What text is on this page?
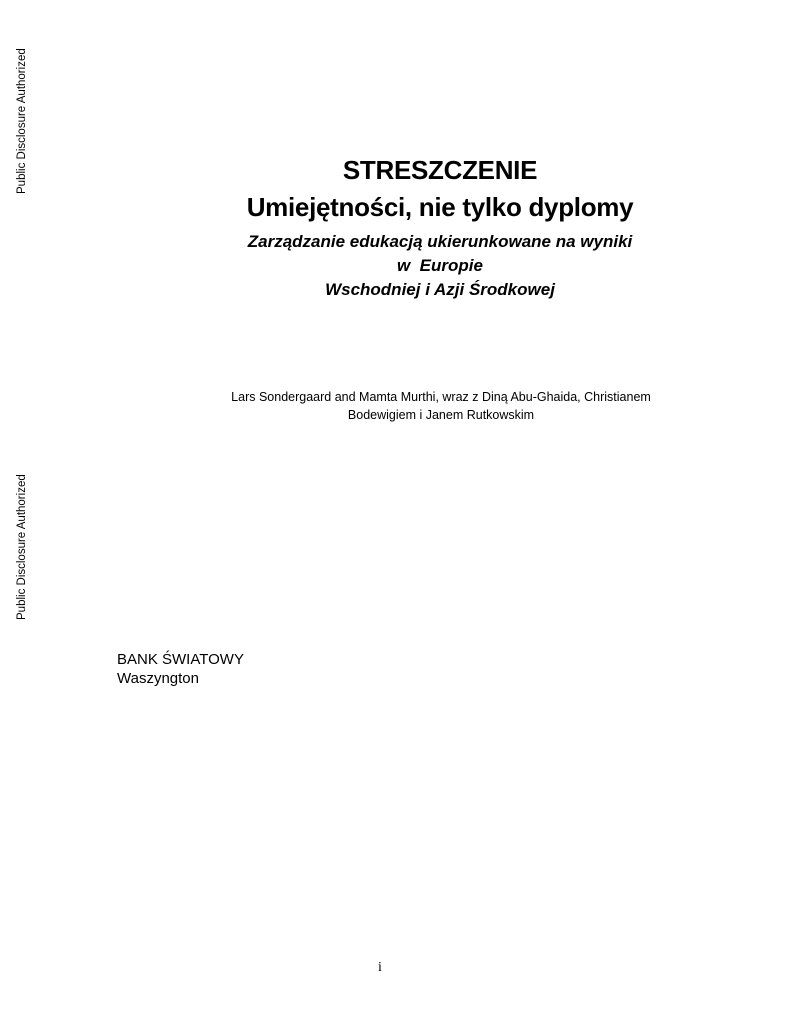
Public Disclosure Authorized
Public Disclosure Authorized
STRESZCZENIE
Umiejętności, nie tylko dyplomy
Zarządzanie edukacją ukierunkowane na wyniki
w  Europie
Wschodniej i Azji Środkowej
Lars Sondergaard and Mamta Murthi, wraz z Diną Abu-Ghaida, Christianem
Bodewigiem i Janem Rutkowskim
BANK ŚWIATOWY
Waszyngton
i
